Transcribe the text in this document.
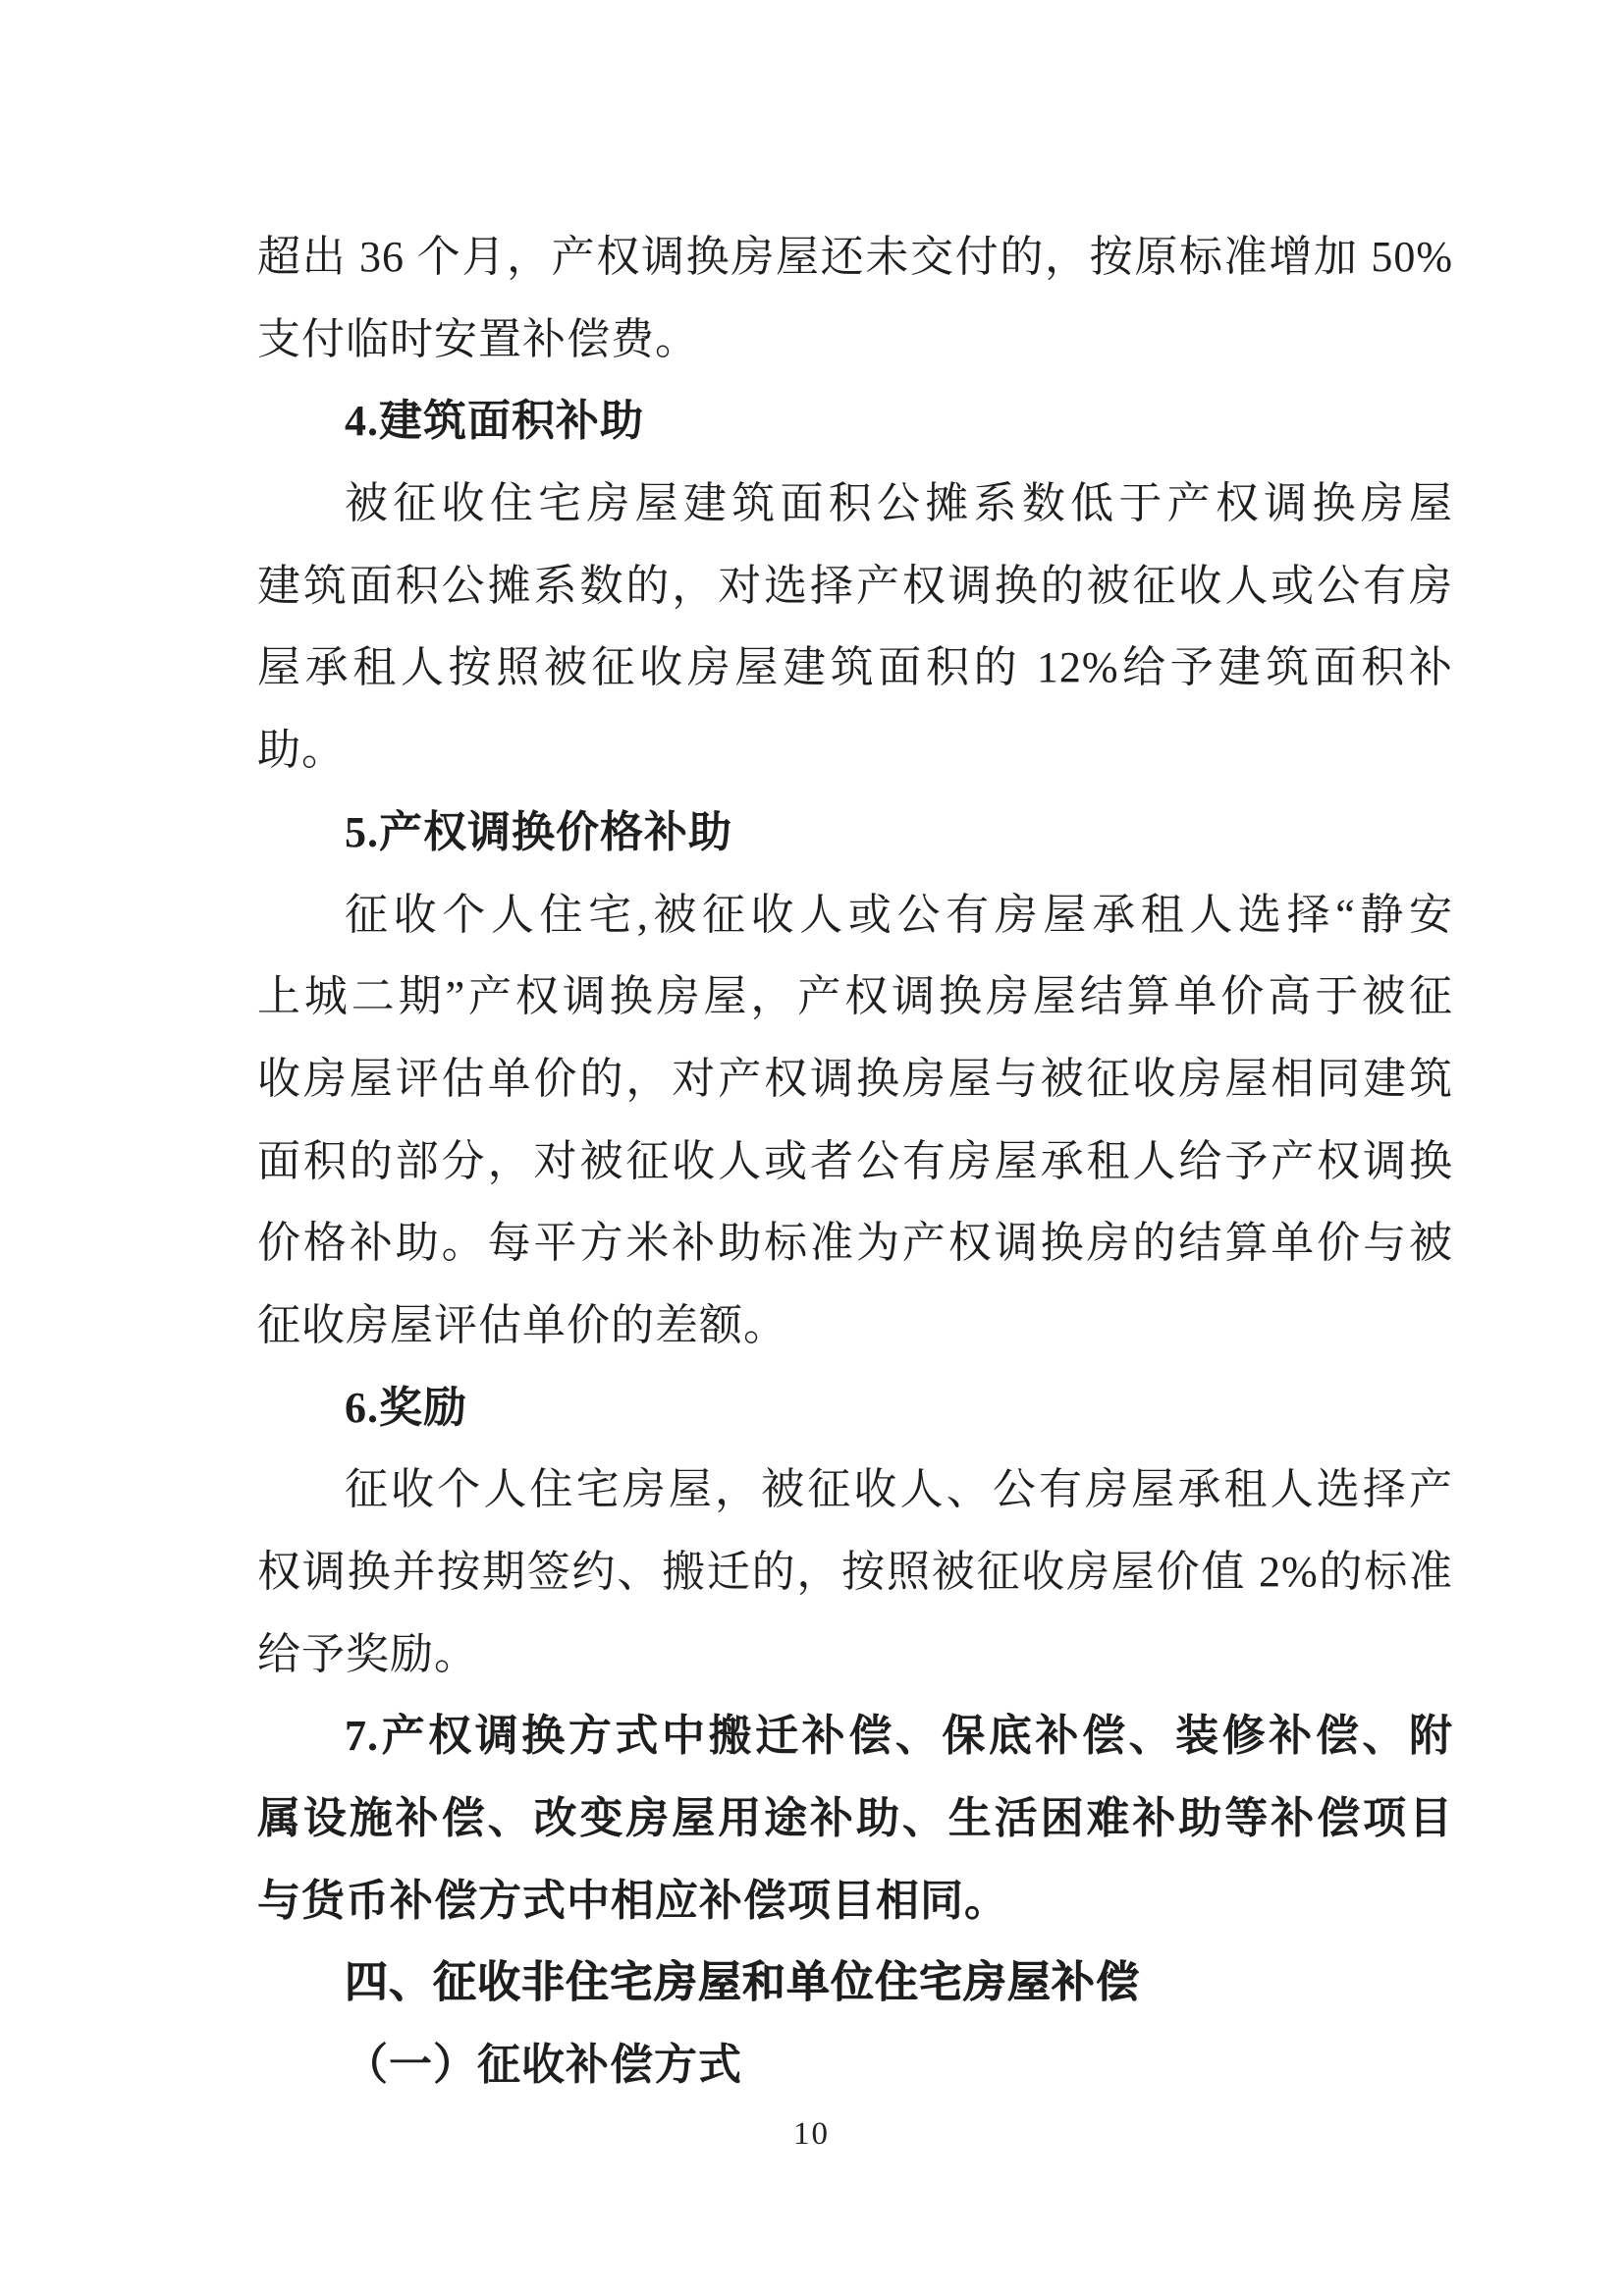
超出 36 个月，产权调换房屋还未交付的，按原标准增加 50%
支付临时安置补偿费。
4.建筑面积补助
被征收住宅房屋建筑面积公摊系数低于产权调换房屋
建筑面积公摊系数的，对选择产权调换的被征收人或公有房
屋承租人按照被征收房屋建筑面积的 12%给予建筑面积补
助。
5.产权调换价格补助
征收个人住宅,被征收人或公有房屋承租人选择“静安
上城二期”产权调换房屋，产权调换房屋结算单价高于被征
收房屋评估单价的，对产权调换房屋与被征收房屋相同建筑
面积的部分，对被征收人或者公有房屋承租人给予产权调换
价格补助。每平方米补助标准为产权调换房的结算单价与被
征收房屋评估单价的差额。
6.奖励
征收个人住宅房屋，被征收人、公有房屋承租人选择产
权调换并按期签约、搬迁的，按照被征收房屋价值 2%的标准
给予奖励。
7.产权调换方式中搬迁补偿、保底补偿、装修补偿、附
属设施补偿、改变房屋用途补助、生活困难补助等补偿项目
与货币补偿方式中相应补偿项目相同。
四、征收非住宅房屋和单位住宅房屋补偿
（一）征收补偿方式
10
